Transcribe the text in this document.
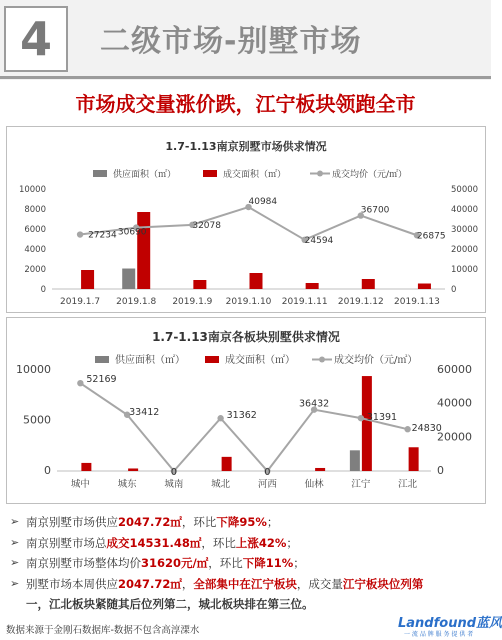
4	二级市场-别墅市场
市场成交量涨价跌，江宁板块领跑全市
1.7-1.13南京别墅市场供求情况
供应面积（㎡）	成交面积（㎡）	成交均价（元/㎡）
0
2000
4000
6000
8000
10000
0
10000
20000
30000
40000
50000
27234 30690
32078
40984
24594
36700
26875
2019.1.7 2019.1.8 2019.1.9 2019.1.10 2019.1.11 2019.1.12 2019.1.13
1.7-1.13南京各板块别墅供求情况
供应面积（㎡）	成交面积（㎡）	成交均价（元/㎡）
0
5000
10000
0
20000
40000
60000
52169
33412
0
31362
0
36432
31391
24830
城中	城东	城南	城北	河西	仙林	江宁	江北
➢ 南京别墅市场供应2047.72㎡，环比下降95%；
➢ 南京别墅市场总成交14531.48㎡，环比上涨42%；
➢ 南京别墅市场整体均价31620元/㎡，环比下降11%；
➢ 别墅市场本周供应2047.72㎡，全部集中在江宁板块，成交量江宁板块位列第
一，江北板块紧随其后位列第二，城北板块排在第三位。
数据来源于金刚石数据库-数据不包含高淳溧水	Landfound蓝风
一 流 品 牌 服 务 提 供 者
